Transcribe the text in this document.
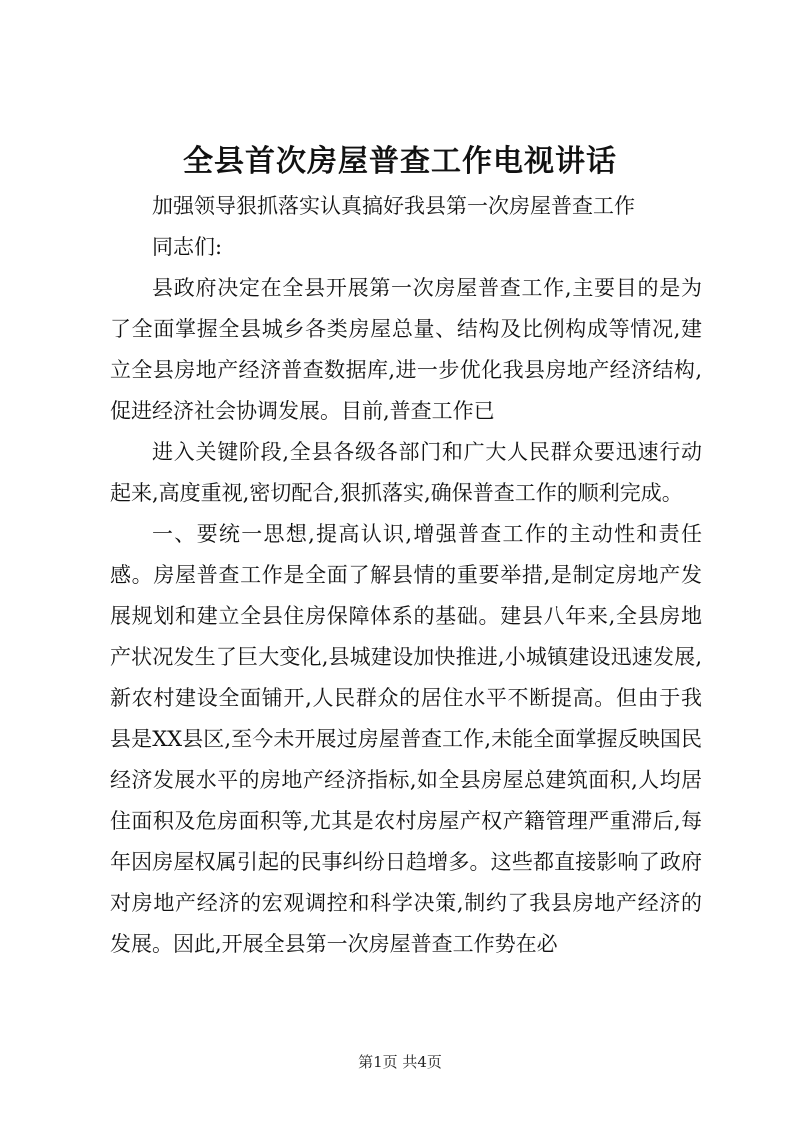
全县首次房屋普查工作电视讲话

加强领导狠抓落实认真搞好我县第一次房屋普查工作

同志们:

县政府决定在全县开展第一次房屋普查工作,主要目的是为了全面掌握全县城乡各类房屋总量、结构及比例构成等情况,建立全县房地产经济普查数据库,进一步优化我县房地产经济结构,促进经济社会协调发展。目前,普查工作已

进入关键阶段,全县各级各部门和广大人民群众要迅速行动起来,高度重视,密切配合,狠抓落实,确保普查工作的顺利完成。

一、要统一思想,提高认识,增强普查工作的主动性和责任感。房屋普查工作是全面了解县情的重要举措,是制定房地产发展规划和建立全县住房保障体系的基础。建县八年来,全县房地产状况发生了巨大变化,县城建设加快推进,小城镇建设迅速发展,新农村建设全面铺开,人民群众的居住水平不断提高。但由于我县是XX县区,至今未开展过房屋普查工作,未能全面掌握反映国民经济发展水平的房地产经济指标,如全县房屋总建筑面积,人均居住面积及危房面积等,尤其是农村房屋产权产籍管理严重滞后,每年因房屋权属引起的民事纠纷日趋增多。这些都直接影响了政府对房地产经济的宏观调控和科学决策,制约了我县房地产经济的发展。因此,开展全县第一次房屋普查工作势在必

第1页 共4页
